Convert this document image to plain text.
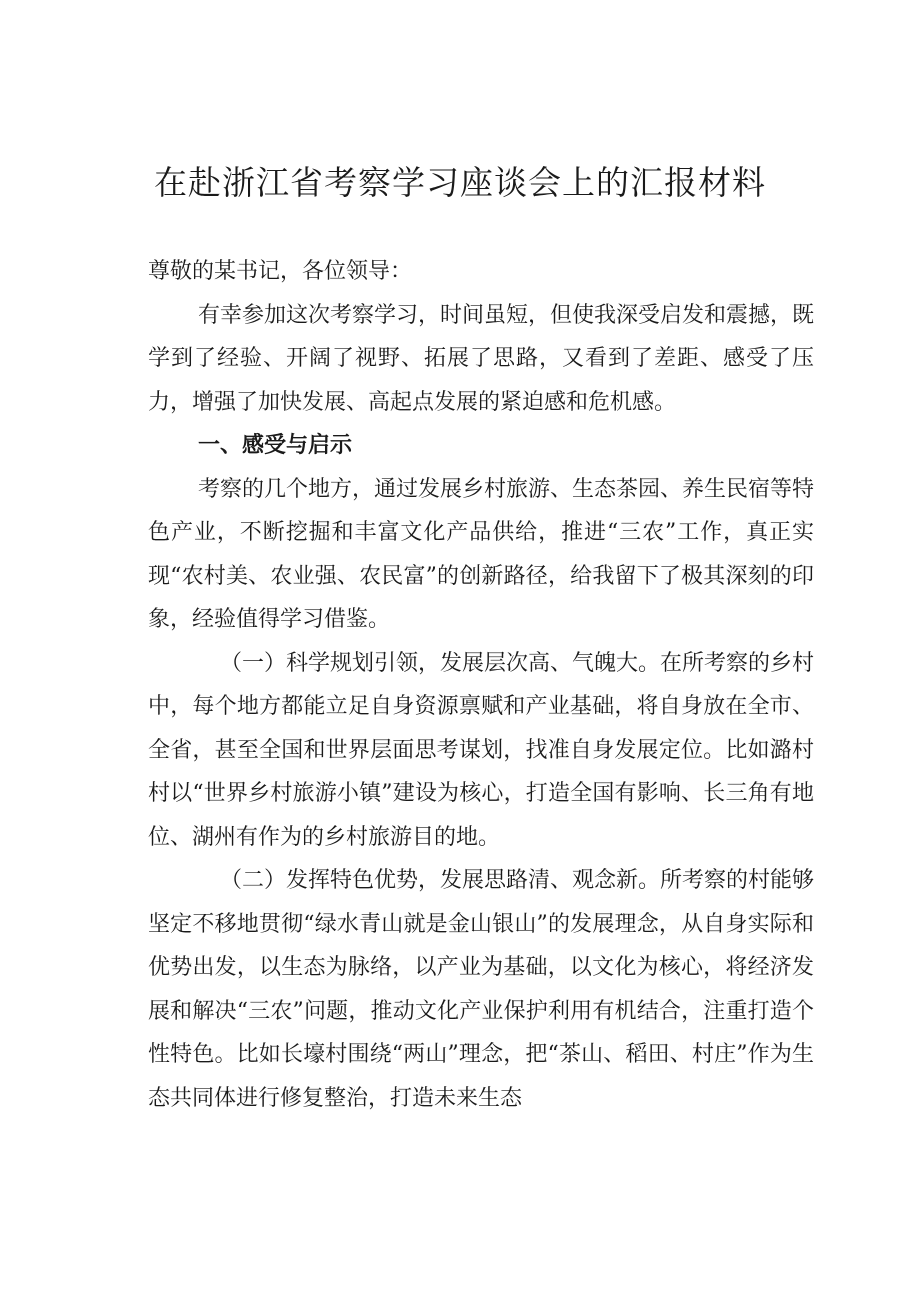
在赴浙江省考察学习座谈会上的汇报材料

尊敬的某书记，各位领导：

有幸参加这次考察学习，时间虽短，但使我深受启发和震撼，既学到了经验、开阔了视野、拓展了思路，又看到了差距、感受了压力，增强了加快发展、高起点发展的紧迫感和危机感。

一、感受与启示

考察的几个地方，通过发展乡村旅游、生态茶园、养生民宿等特色产业，不断挖掘和丰富文化产品供给，推进“三农”工作，真正实现“农村美、农业强、农民富”的创新路径，给我留下了极其深刻的印象，经验值得学习借鉴。

（一）科学规划引领，发展层次高、气魄大。在所考察的乡村中，每个地方都能立足自身资源禀赋和产业基础，将自身放在全市、全省，甚至全国和世界层面思考谋划，找准自身发展定位。比如潞村村以“世界乡村旅游小镇”建设为核心，打造全国有影响、长三角有地位、湖州有作为的乡村旅游目的地。

（二）发挥特色优势，发展思路清、观念新。所考察的村能够坚定不移地贯彻“绿水青山就是金山银山”的发展理念，从自身实际和优势出发，以生态为脉络，以产业为基础，以文化为核心，将经济发展和解决“三农”问题，推动文化产业保护利用有机结合，注重打造个性特色。比如长壕村围绕“两山”理念，把“茶山、稻田、村庄”作为生态共同体进行修复整治，打造未来生态
